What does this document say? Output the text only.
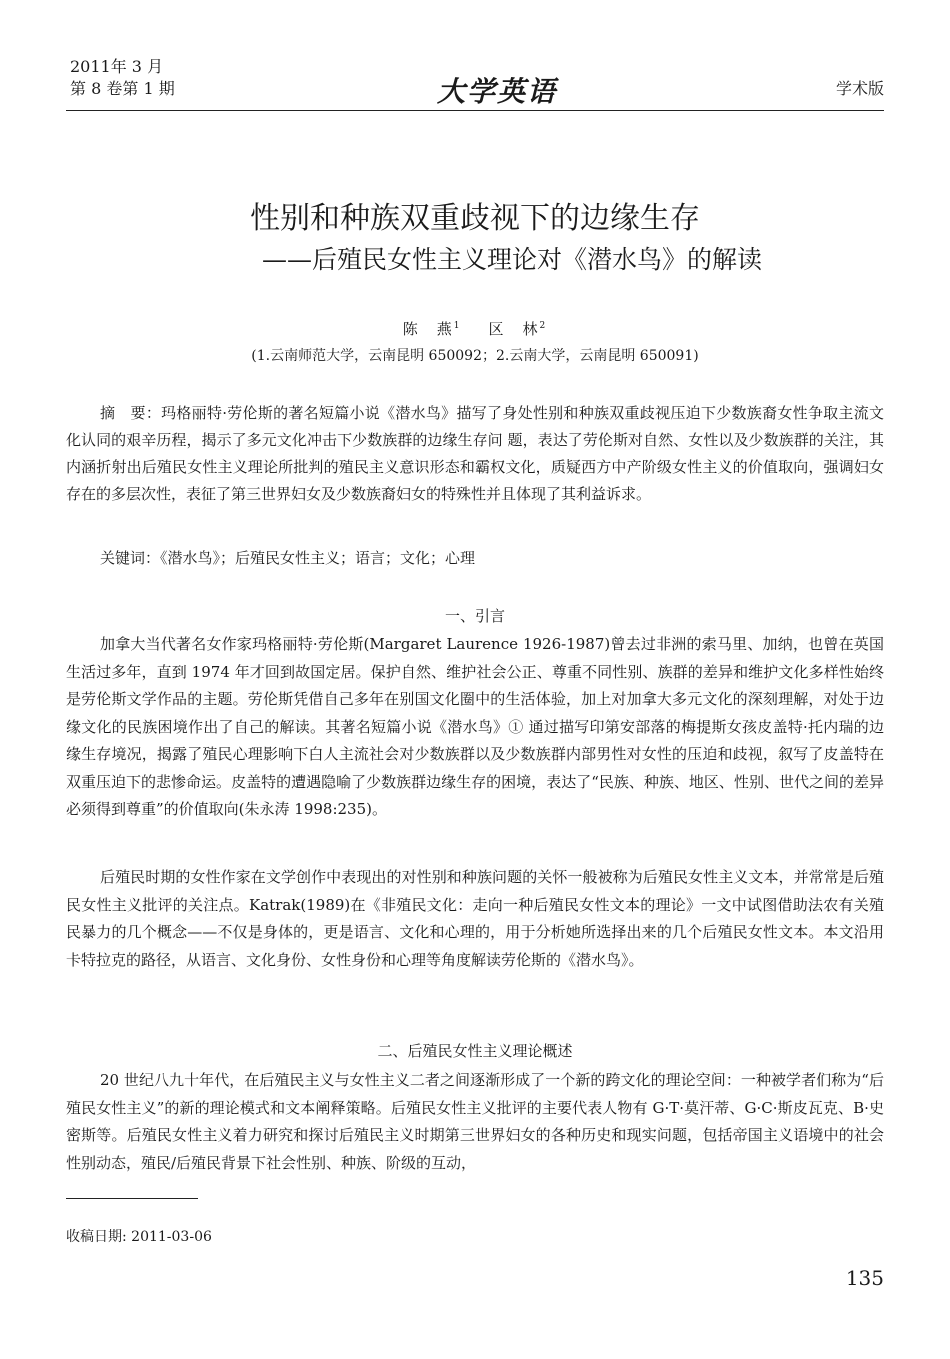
2011年 3 月
第 8 卷第 1 期	大学英语	学术版
性别和种族双重歧视下的边缘生存
——后殖民女性主义理论对《潜水鸟》的解读
陈　燕$^1$ 区　林$^2$
(1.云南师范大学，云南昆明 650092；2.云南大学，云南昆明 650091)

摘　要：玛格丽特·劳伦斯的著名短篇小说《潜水鸟》描写了身处性别和种族双重歧视压迫下少数族裔女性争取主流文化认同的艰辛历程，揭示了多元文化冲击下少数族群的边缘生存问 题，表达了劳伦斯对自然、女性以及少数族群的关注，其内涵折射出后殖民女性主义理论所批判的殖民主义意识形态和霸权文化，质疑西方中产阶级女性主义的价值取向，强调妇女存在的多层次性，表征了第三世界妇女及少数族裔妇女的特殊性并且体现了其利益诉求。

关键词：《潜水鸟》；后殖民女性主义；语言；文化；心理

一、引言

加拿大当代著名女作家玛格丽特·劳伦斯(Margaret Laurence 1926-1987)曾去过非洲的索马里、加纳，也曾在英国生活过多年，直到 1974 年才回到故国定居。保护自然、维护社会公正、尊重不同性别、族群的差异和维护文化多样性始终是劳伦斯文学作品的主题。劳伦斯凭借自己多年在别国文化圈中的生活体验，加上对加拿大多元文化的深刻理解，对处于边缘文化的民族困境作出了自己的解读。其著名短篇小说《潜水鸟》① 通过描写印第安部落的梅提斯女孩皮盖特·托内瑞的边缘生存境况，揭露了殖民心理影响下白人主流社会对少数族群以及少数族群内部男性对女性的压迫和歧视，叙写了皮盖特在双重压迫下的悲惨命运。皮盖特的遭遇隐喻了少数族群边缘生存的困境，表达了“民族、种族、地区、性别、世代之间的差异必须得到尊重”的价值取向(朱永涛 1998:235)。

后殖民时期的女性作家在文学创作中表现出的对性别和种族问题的关怀一般被称为后殖民女性主义文本，并常常是后殖民女性主义批评的关注点。Katrak(1989)在《非殖民文化：走向一种后殖民女性文本的理论》一文中试图借助法农有关殖民暴力的几个概念——不仅是身体的，更是语言、文化和心理的，用于分析她所选择出来的几个后殖民女性文本。本文沿用卡特拉克的路径，从语言、文化身份、女性身份和心理等角度解读劳伦斯的《潜水鸟》。

二、后殖民女性主义理论概述

20 世纪八九十年代，在后殖民主义与女性主义二者之间逐渐形成了一个新的跨文化的理论空间：一种被学者们称为“后殖民女性主义”的新的理论模式和文本阐释策略。后殖民女性主义批评的主要代表人物有 G·T·莫汗蒂、G·C·斯皮瓦克、B·史密斯等。后殖民女性主义着力研究和探讨后殖民主义时期第三世界妇女的各种历史和现实问题，包括帝国主义语境中的社会性别动态，殖民/后殖民背景下社会性别、种族、阶级的互动，

收稿日期: 2011-03-06
135
